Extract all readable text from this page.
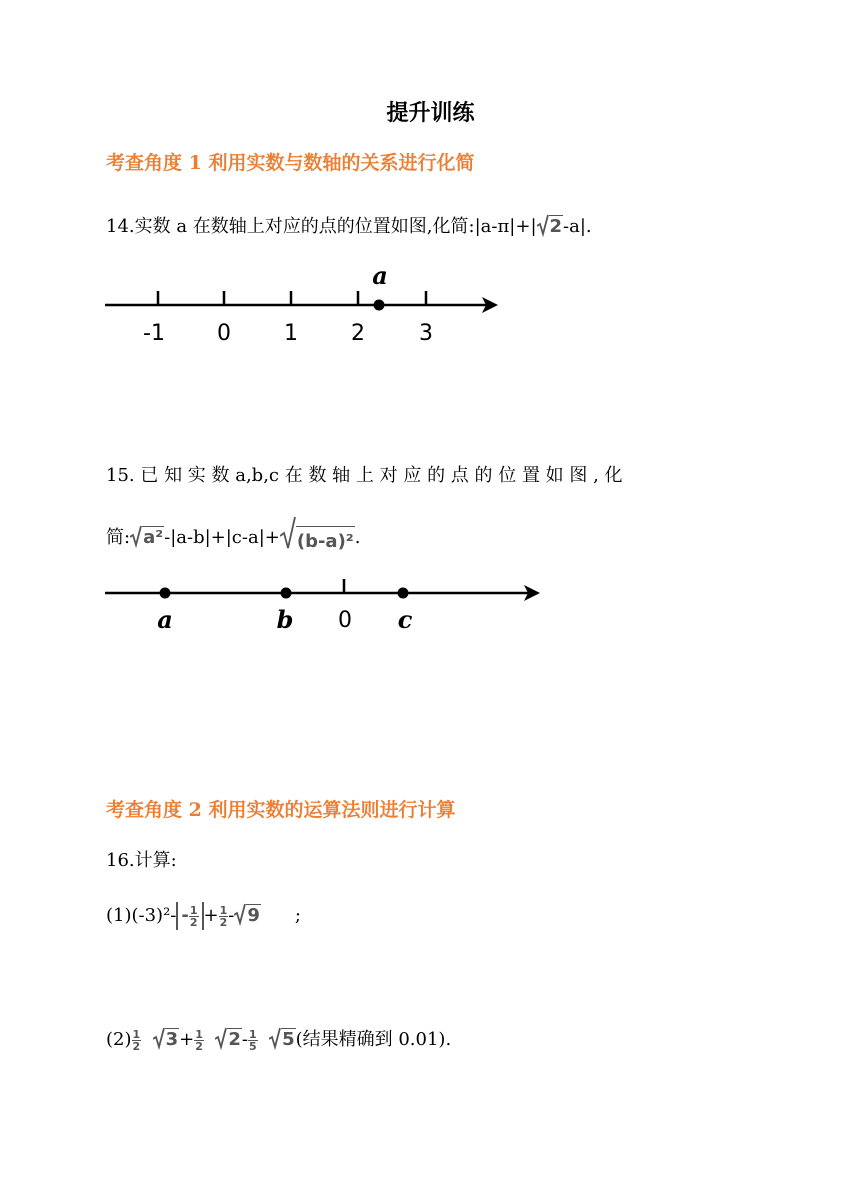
提升训练
考查角度 1 利用实数与数轴的关系进行化简
14.实数 a 在数轴上对应的点的位置如图,化简:|a-π|+| 2-a|.
a
-1 0 1 2 3
15. 已 知 实 数 a,b,c 在 数 轴 上 对 应 的 点 的 位 置 如 图 , 化
简: a²-|a-b|+|c-a|+ (b-a)².
a	b 0 c
考查角度 2 利用实数的运算法则进行计算
16.计算:
$(1)(-3)^2- - \frac{1}{2} + \frac{1}{2} - 9$ ;
$(2) \frac{1}{2}$
$3+ \frac{1}{2}$
$2- \frac{1}{5}$
5(结果精确到 0.01).
